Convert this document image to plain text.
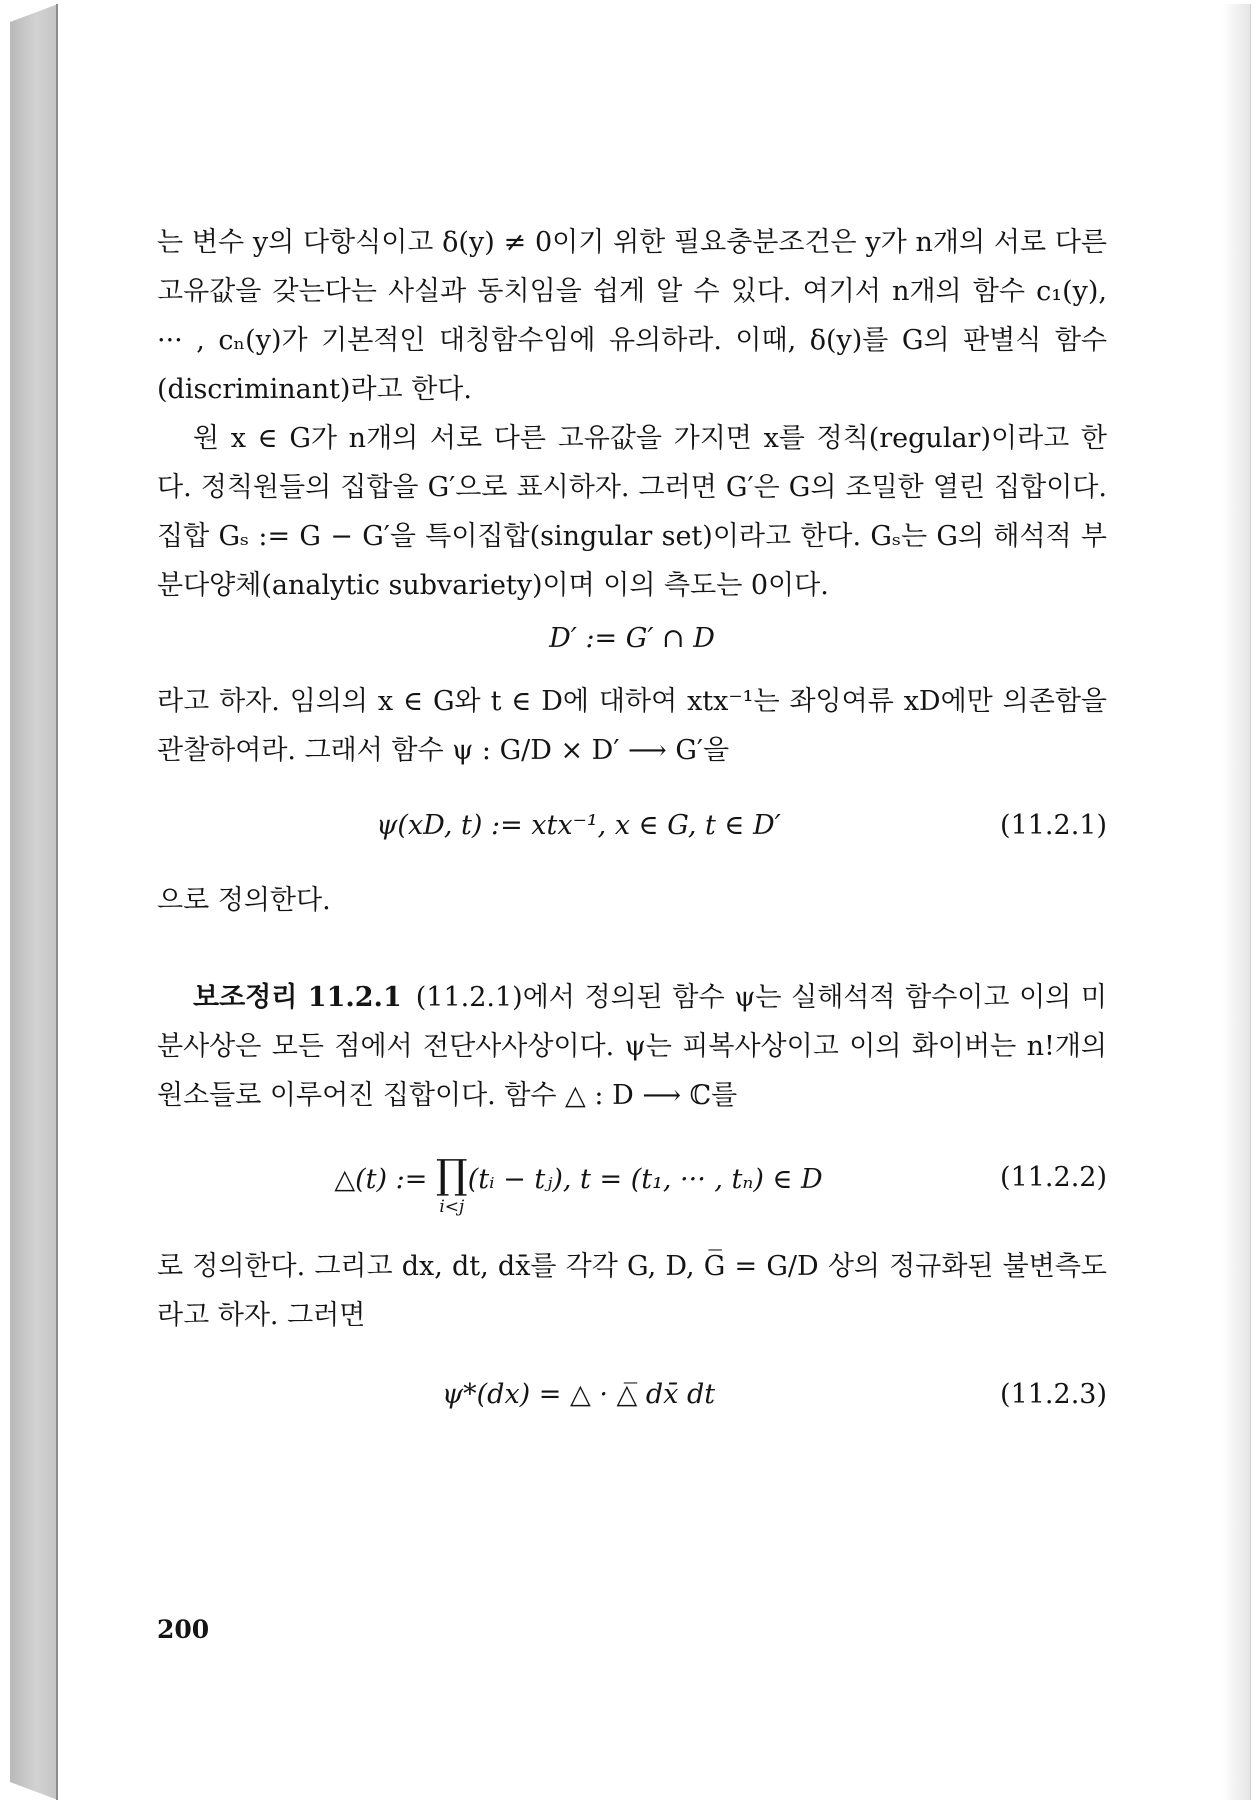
는 변수 y의 다항식이고 δ(y) ≠ 0이기 위한 필요충분조건은 y가 n개의 서로 다른 고유값을 갖는다는 사실과 동치임을 쉽게 알 수 있다. 여기서 n개의 함수 c₁(y), ··· , cₙ(y)가 기본적인 대칭함수임에 유의하라. 이때, δ(y)를 G의 판별식 함수(discriminant)라고 한다.

원 x ∈ G가 n개의 서로 다른 고유값을 가지면 x를 정칙(regular)이라고 한다. 정칙원들의 집합을 G′으로 표시하자. 그러면 G′은 G의 조밀한 열린 집합이다. 집합 Gₛ := G − G′을 특이집합(singular set)이라고 한다. Gₛ는 G의 해석적 부분다양체(analytic subvariety)이며 이의 측도는 0이다.

D′ := G′ ∩ D

라고 하자. 임의의 x ∈ G와 t ∈ D에 대하여 xtx⁻¹는 좌잉여류 xD에만 의존함을 관찰하여라. 그래서 함수 ψ : G/D × D′ ⟶ G′을

ψ(xD, t) := xtx⁻¹, x ∈ G, t ∈ D′	(11.2.1)

으로 정의한다.

보조정리 11.2.1 (11.2.1)에서 정의된 함수 ψ는 실해석적 함수이고 이의 미분사상은 모든 점에서 전단사사상이다. ψ는 피복사상이고 이의 화이버는 n!개의 원소들로 이루어진 집합이다. 함수 △ : D ⟶ ℂ를

△(t) := ∏
i<j
(tᵢ − tⱼ), t = (t₁, ··· , tₙ) ∈ D	(11.2.2)

로 정의한다. 그리고 dx, dt, dx̄를 각각 G, D, G̅ = G/D 상의 정규화된 불변측도라고 하자. 그러면

ψ*(dx) = △ · △̅ dx̄ dt	(11.2.3)
200
